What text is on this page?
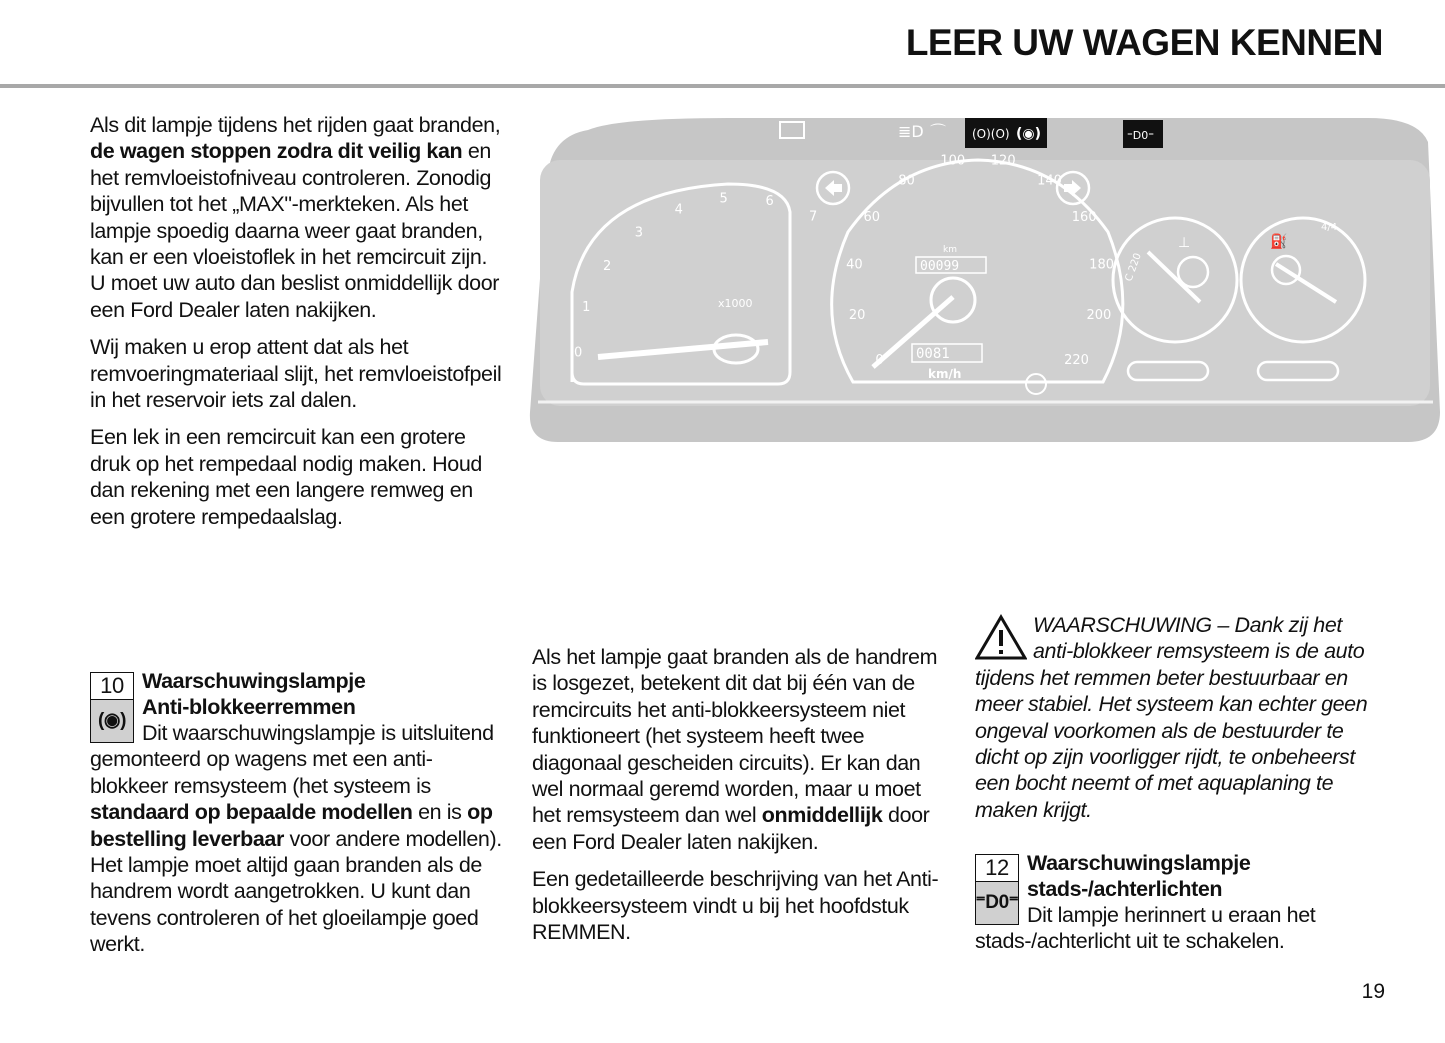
LEER UW WAGEN KENNEN
≣D ⌒ (O)(O) (◉)	⁼D0⁼
x1000
0
1
2
3
4
5	6
7
km
00099
0081
km/h
0
20
40
60
80
100 120
140
160
180
200
220
C 220
⊥
4/4
⛽

Als dit lampje tijdens het rijden gaat branden, de wagen stoppen zodra dit veilig kan en het remvloeistofniveau controleren. Zonodig bijvullen tot het „MAX"-merkteken. Als het lampje spoedig daarna weer gaat branden, kan er een vloeistoflek in het remcircuit zijn. U moet uw auto dan beslist onmiddellijk door een Ford Dealer laten nakijken.

Wij maken u erop attent dat als het remvoeringmateriaal slijt, het remvloeistofpeil in het reservoir iets zal dalen.

Een lek in een remcircuit kan een grotere druk op het rempedaal nodig maken. Houd dan rekening met een langere remweg en een grotere rempedaalslag.

10
(◉)
Waarschuwingslampje
Anti-blokkeerremmen
Dit waarschuwingslampje is uitsluitend gemonteerd op wagens met een anti-blokkeer remsysteem (het systeem is standaard op bepaalde modellen en is op bestelling leverbaar voor andere modellen). Het lampje moet altijd gaan branden als de handrem wordt aangetrokken. U kunt dan tevens controleren of het gloeilampje goed werkt.

Als het lampje gaat branden als de handrem is losgezet, betekent dit dat bij één van de remcircuits het anti-blokkeersysteem niet funktioneert (het systeem heeft twee diagonaal gescheiden circuits). Er kan dan wel normaal geremd worden, maar u moet het remsysteem dan wel onmiddellijk door een Ford Dealer laten nakijken.

Een gedetailleerde beschrijving van het Anti-blokkeersysteem vindt u bij het hoofdstuk REMMEN.

WAARSCHUWING – Dank zij het anti-blokkeer remsysteem is de auto tijdens het remmen beter bestuurbaar en meer stabiel. Het systeem kan echter geen ongeval voorkomen als de bestuurder te dicht op zijn voorligger rijdt, te onbeheerst een bocht neemt of met aquaplaning te maken krijgt.
12
⁼D0⁼
Waarschuwingslampje
stads-/achterlichten
Dit lampje herinnert u eraan het stads-/achterlicht uit te schakelen.
19
